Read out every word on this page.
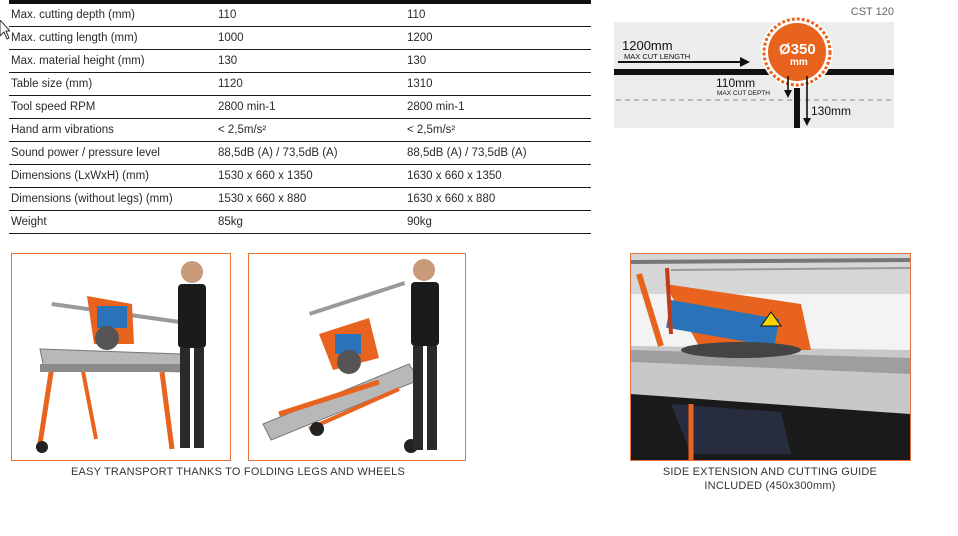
Max. cutting depth (mm)	110	110
Max. cutting length (mm)	1000	1200
Max. material height (mm)	130	130
Table size (mm)	1120	1310
Tool speed RPM	2800 min-1	2800 min-1
Hand arm vibrations	< 2,5m/s²	< 2,5m/s²
Sound power / pressure level	88,5dB (A) / 73,5dB (A)	88,5dB (A) / 73,5dB (A)
Dimensions (LxWxH) (mm)	1530 x 660 x 1350	1630 x 660 x 1350
Dimensions (without legs) (mm)	1530 x 660 x 880	1630 x 660 x 880
Weight	85kg	90kg
CST 120
1200mm
MAX CUT LENGTH	Ø350
mm
110mm
MAX CUT DEPTH
130mm
EASY TRANSPORT THANKS TO FOLDING LEGS AND WHEELS	SIDE EXTENSION AND CUTTING GUIDE
INCLUDED (450x300mm)
